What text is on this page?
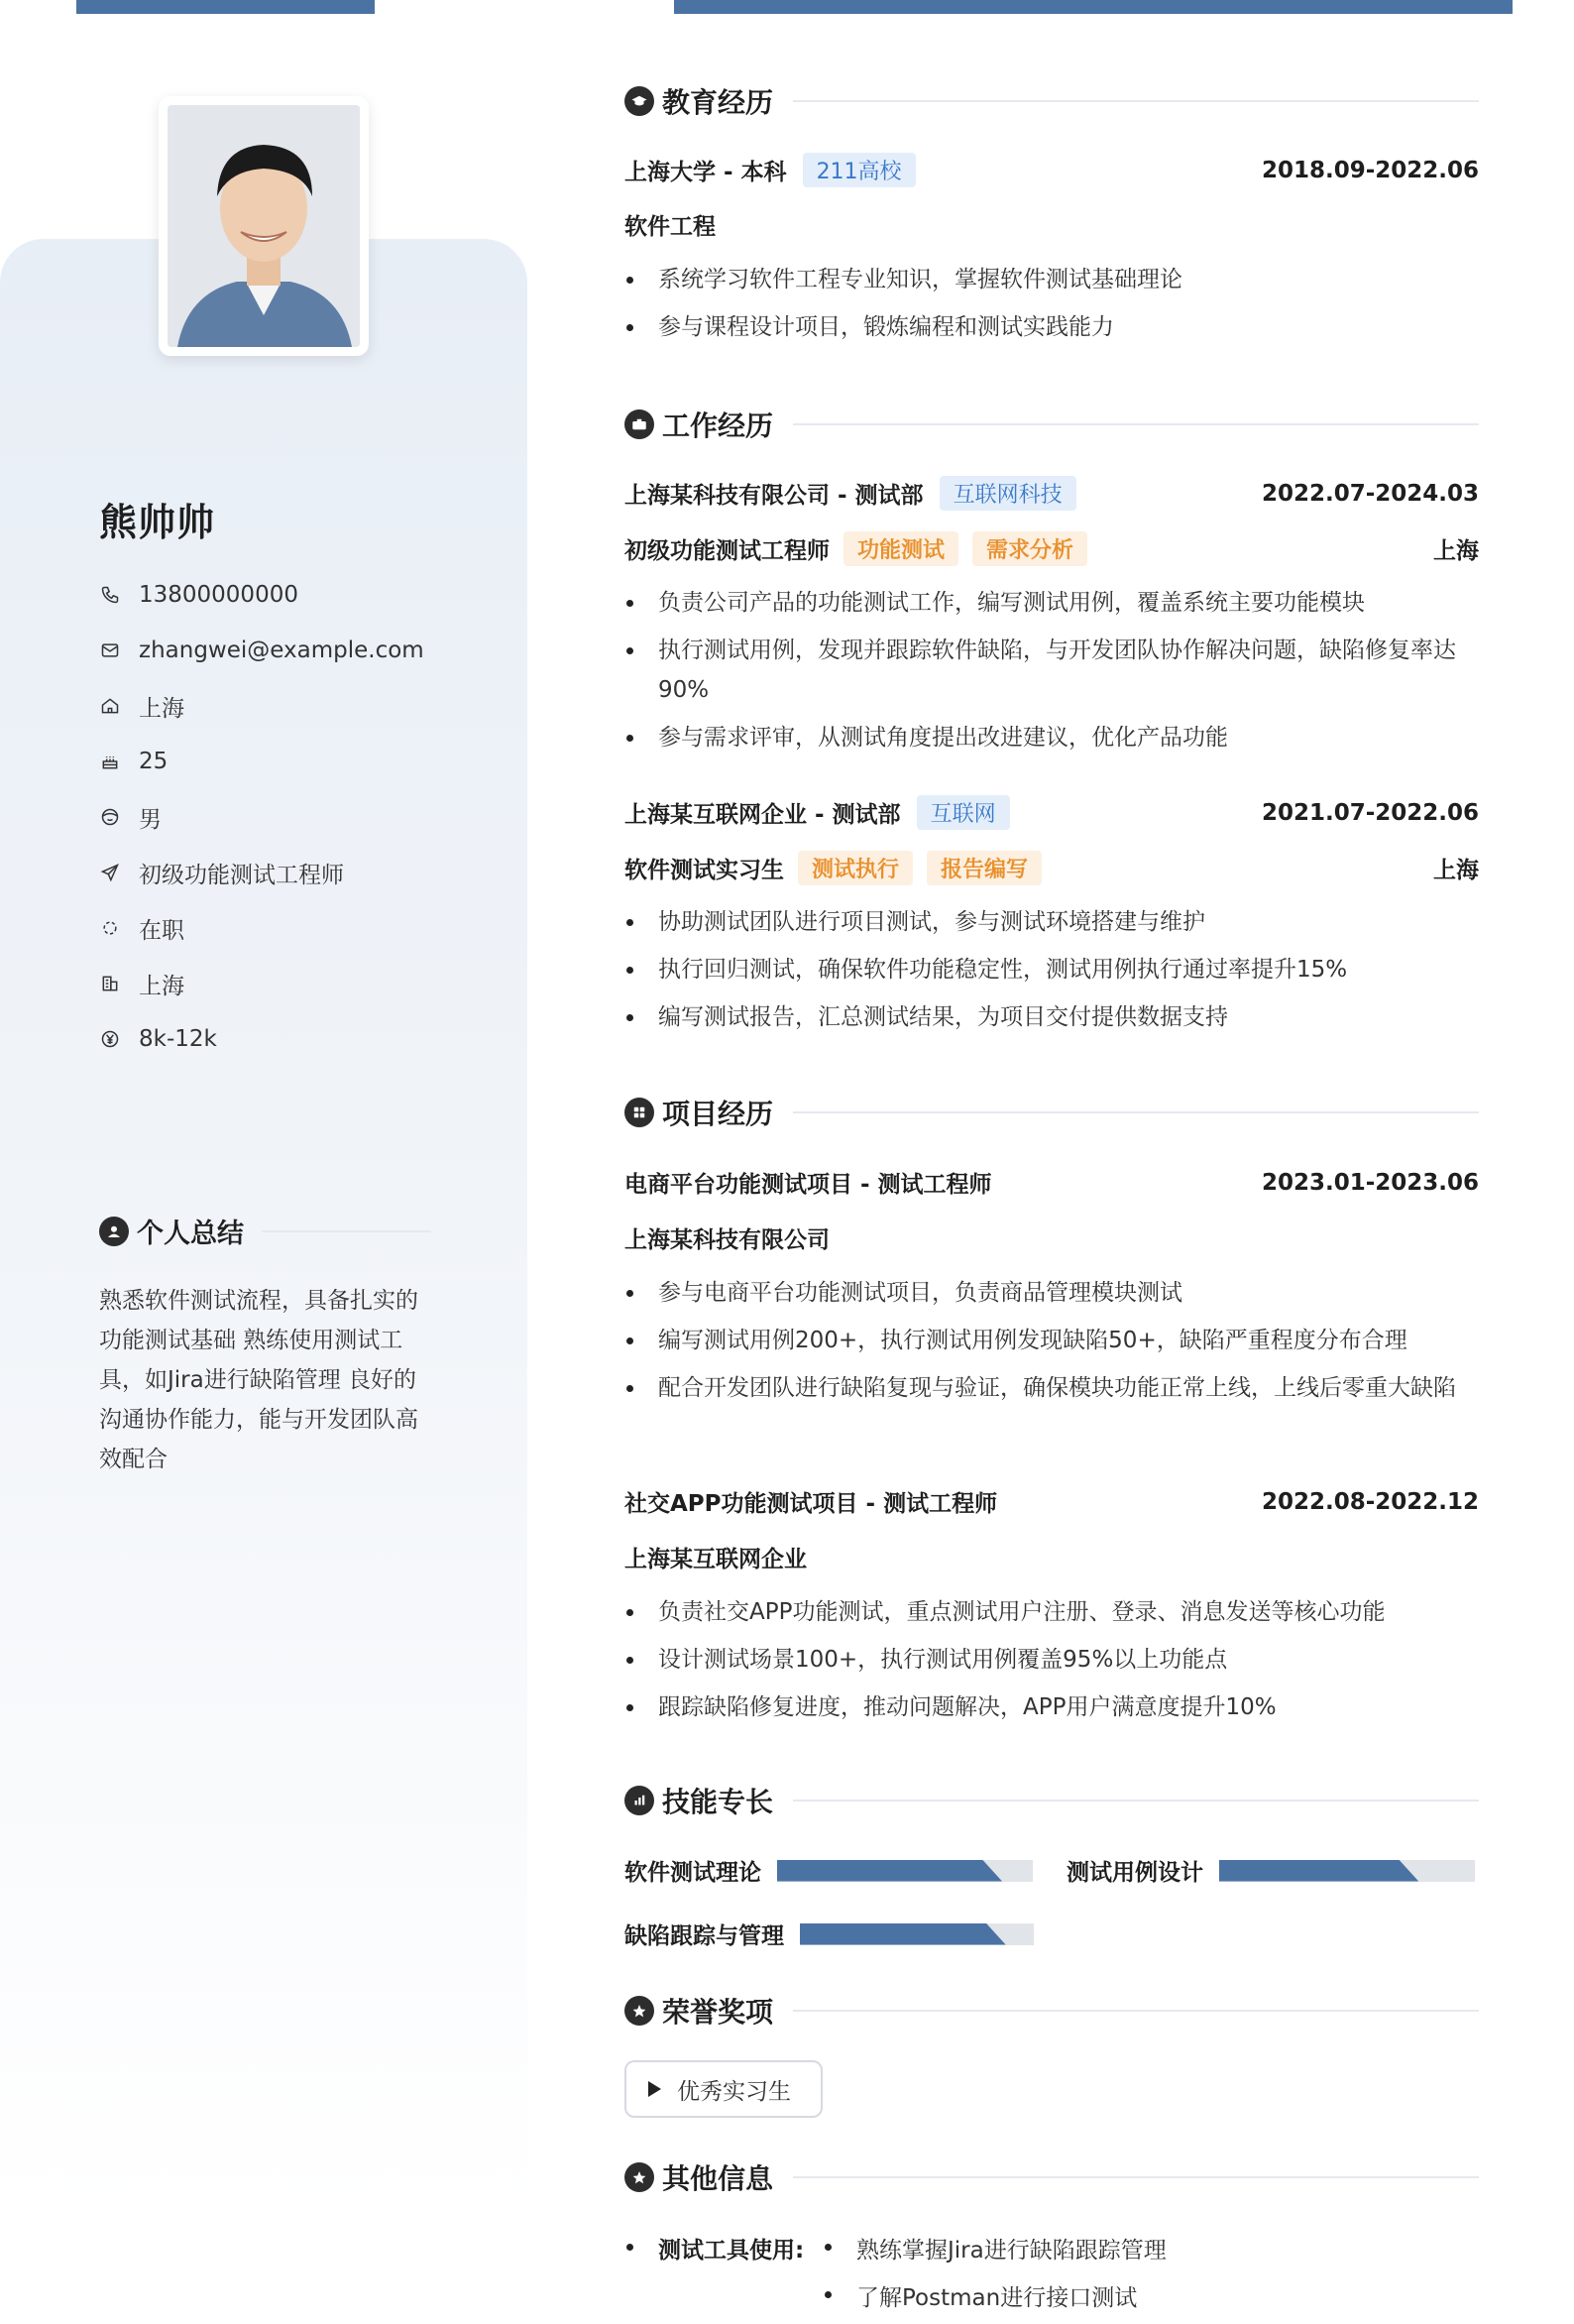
熊帅帅
13800000000
zhangwei@example.com
上海
25
男
初级功能测试工程师
在职
上海
8k-12k
个人总结
熟悉软件测试流程，具备扎实的功能测试基础 熟练使用测试工具，如Jira进行缺陷管理 良好的沟通协作能力，能与开发团队高效配合
教育经历
上海大学 - 本科	211高校	2018.09-2022.06
软件工程
系统学习软件工程专业知识，掌握软件测试基础理论
参与课程设计项目，锻炼编程和测试实践能力
工作经历
上海某科技有限公司 - 测试部	互联网科技	2022.07-2024.03
初级功能测试工程师	功能测试	需求分析	上海
负责公司产品的功能测试工作，编写测试用例，覆盖系统主要功能模块
执行测试用例，发现并跟踪软件缺陷，与开发团队协作解决问题，缺陷修复率达90%
参与需求评审，从测试角度提出改进建议，优化产品功能
上海某互联网企业 - 测试部	互联网	2021.07-2022.06
软件测试实习生	测试执行	报告编写	上海
协助测试团队进行项目测试，参与测试环境搭建与维护
执行回归测试，确保软件功能稳定性，测试用例执行通过率提升15%
编写测试报告，汇总测试结果，为项目交付提供数据支持
项目经历
电商平台功能测试项目 - 测试工程师	2023.01-2023.06
上海某科技有限公司
参与电商平台功能测试项目，负责商品管理模块测试
编写测试用例200+，执行测试用例发现缺陷50+，缺陷严重程度分布合理
配合开发团队进行缺陷复现与验证，确保模块功能正常上线，上线后零重大缺陷
社交APP功能测试项目 - 测试工程师	2022.08-2022.12
上海某互联网企业
负责社交APP功能测试，重点测试用户注册、登录、消息发送等核心功能
设计测试场景100+，执行测试用例覆盖95%以上功能点
跟踪缺陷修复进度，推动问题解决，APP用户满意度提升10%
技能专长
软件测试理论	测试用例设计
缺陷跟踪与管理
荣誉奖项
优秀实习生
其他信息
测试工具使用:	熟练掌握Jira进行缺陷跟踪管理
了解Postman进行接口测试
